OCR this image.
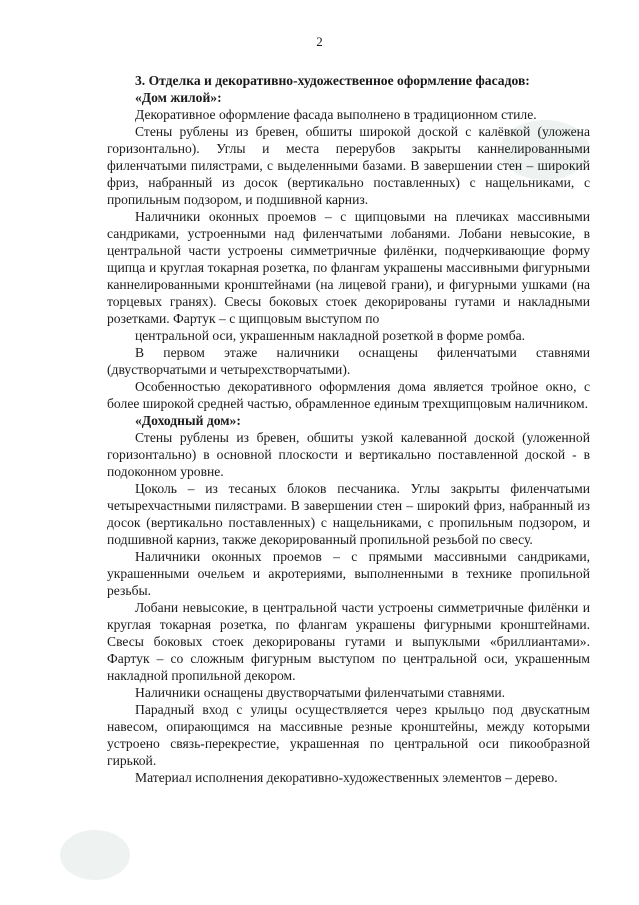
2

3. Отделка и декоративно-художественное оформление фасадов:

«Дом жилой»:

Декоративное оформление фасада выполнено в традиционном стиле.

Стены рублены из бревен, обшиты широкой доской с калёвкой (уложена горизонтально). Углы и места перерубов закрыты каннелированными филенчатыми пилястрами, с выделенными базами. В завершении стен – широкий фриз, набранный из досок (вертикально поставленных) с нащельниками, с пропильным подзором, и подшивной карниз.

Наличники оконных проемов – с щипцовыми на плечиках массивными сандриками, устроенными над филенчатыми лобанями. Лобани невысокие, в центральной части устроены симметричные филёнки, подчеркивающие форму щипца и круглая токарная розетка, по флангам украшены массивными фигурными каннелированными кронштейнами (на лицевой грани), и фигурными ушками (на торцевых гранях). Свесы боковых стоек декорированы гутами и накладными розетками. Фартук – с щипцовым выступом по

центральной оси, украшенным накладной розеткой в форме ромба.

В первом этаже наличники оснащены филенчатыми ставнями (двустворчатыми и четырехстворчатыми).

Особенностью декоративного оформления дома является тройное окно, с более широкой средней частью, обрамленное единым трехщипцовым наличником.

«Доходный дом»:

Стены рублены из бревен, обшиты узкой калеванной доской (уложенной горизонтально) в основной плоскости и вертикально поставленной доской - в подоконном уровне.

Цоколь – из тесаных блоков песчаника. Углы закрыты филенчатыми четырехчастными пилястрами. В завершении стен – широкий фриз, набранный из досок (вертикально поставленных) с нащельниками, с пропильным подзором, и подшивной карниз, также декорированный пропильной резьбой по свесу.

Наличники оконных проемов – с прямыми массивными сандриками, украшенными очельем и акротериями, выполненными в технике пропильной резьбы.

Лобани невысокие, в центральной части устроены симметричные филёнки и круглая токарная розетка, по флангам украшены фигурными кронштейнами. Свесы боковых стоек декорированы гутами и выпуклыми «бриллиантами». Фартук – со сложным фигурным выступом по центральной оси, украшенным накладной пропильной декором.

Наличники оснащены двустворчатыми филенчатыми ставнями.

Парадный вход с улицы осуществляется через крыльцо под двускатным навесом, опирающимся на массивные резные кронштейны, между которыми устроено связь-перекрестие, украшенная по центральной оси пикообразной гирькой.

Материал исполнения декоративно-художественных элементов – дерево.
